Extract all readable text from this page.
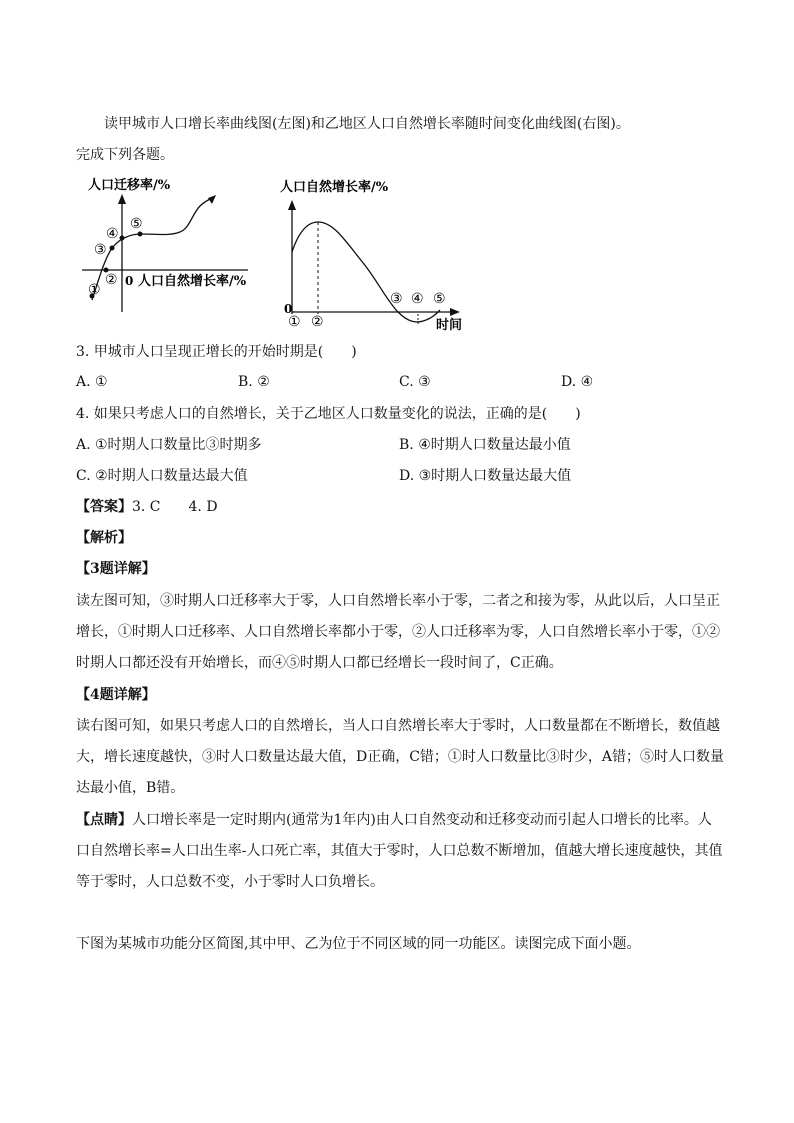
读甲城市人口增长率曲线图(左图)和乙地区人口自然增长率随时间变化曲线图(右图)。
完成下列各题。
人口迁移率/%
0 人口自然增长率/%
①
②
③
④
⑤
人口自然增长率/%
0
时间
① ②
③ ④ ⑤
3. 甲城市人口呈现正增长的开始时期是(　　)
A. ①	B. ②	C. ③	D. ④
4. 如果只考虑人口的自然增长，关于乙地区人口数量变化的说法，正确的是(　　)
A. ①时期人口数量比③时期多	B. ④时期人口数量达最小值
C. ②时期人口数量达最大值	D. ③时期人口数量达最大值
【答案】3. C　　4. D
【解析】
【3题详解】
读左图可知，③时期人口迁移率大于零，人口自然增长率小于零，二者之和接为零，从此以后，人口呈正
增长，①时期人口迁移率、人口自然增长率都小于零，②人口迁移率为零，人口自然增长率小于零，①②
时期人口都还没有开始增长，而④⑤时期人口都已经增长一段时间了，C正确。
【4题详解】
读右图可知，如果只考虑人口的自然增长，当人口自然增长率大于零时，人口数量都在不断增长，数值越
大，增长速度越快，③时人口数量达最大值，D正确，C错；①时人口数量比③时少，A错；⑤时人口数量
达最小值，B错。
【点睛】人口增长率是一定时期内(通常为1年内)由人口自然变动和迁移变动而引起人口增长的比率。人
口自然增长率=人口出生率-人口死亡率，其值大于零时，人口总数不断增加，值越大增长速度越快，其值
等于零时，人口总数不变，小于零时人口负增长。
下图为某城市功能分区简图,其中甲、乙为位于不同区域的同一功能区。读图完成下面小题。
